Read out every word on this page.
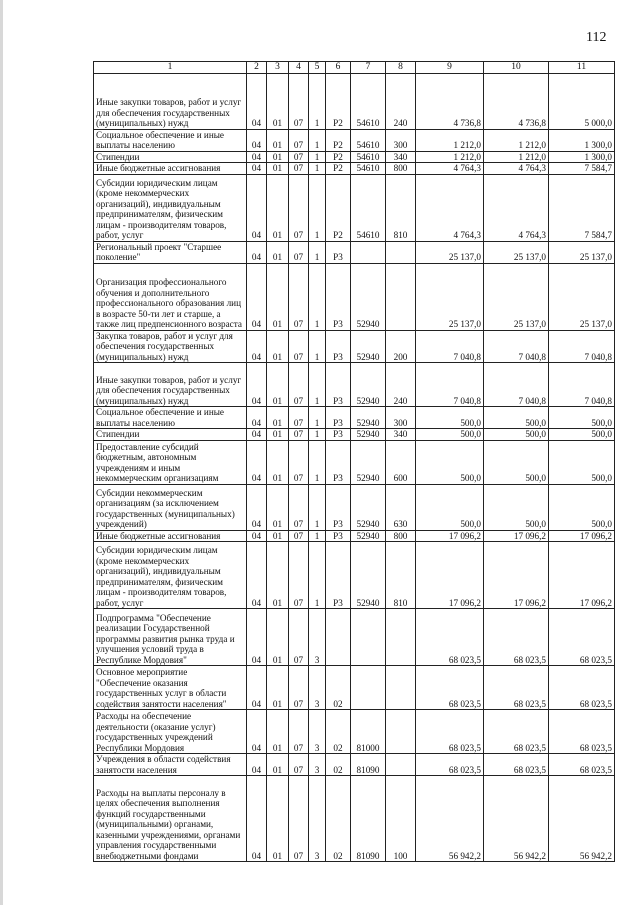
112
1	2	3	4	5	6	7	8	9	10	11
Иные закупки товаров, работ и услуг для обеспечения государственных (муниципальных) нужд	04	01	07	1	P2	54610	240	4 736,8	4 736,8	5 000,0
Социальное обеспечение и иные выплаты населению	04	01	07	1	P2	54610	300	1 212,0	1 212,0	1 300,0
Стипендии	04	01	07	1	P2	54610	340	1 212,0	1 212,0	1 300,0
Иные бюджетные ассигнования	04	01	07	1	P2	54610	800	4 764,3	4 764,3	7 584,7
Субсидии юридическим лицам (кроме некоммерческих организаций), индивидуальным предпринимателям, физическим лицам - производителям товаров, работ, услуг	04	01	07	1	P2	54610	810	4 764,3	4 764,3	7 584,7
Региональный проект "Старшее поколение"	04	01	07	1	P3			25 137,0	25 137,0	25 137,0
Организация профессионального обучения и дополнительного профессионального образования лиц в возрасте 50-ти лет и старше, а также лиц предпенсионного возраста	04	01	07	1	P3	52940		25 137,0	25 137,0	25 137,0
Закупка товаров, работ и услуг для обеспечения государственных (муниципальных) нужд	04	01	07	1	P3	52940	200	7 040,8	7 040,8	7 040,8
Иные закупки товаров, работ и услуг для обеспечения государственных (муниципальных) нужд	04	01	07	1	P3	52940	240	7 040,8	7 040,8	7 040,8
Социальное обеспечение и иные выплаты населению	04	01	07	1	P3	52940	300	500,0	500,0	500,0
Стипендии	04	01	07	1	P3	52940	340	500,0	500,0	500,0
Предоставление субсидий бюджетным, автономным учреждениям и иным некоммерческим организациям	04	01	07	1	P3	52940	600	500,0	500,0	500,0
Субсидии некоммерческим организациям (за исключением государственных (муниципальных) учреждений)	04	01	07	1	P3	52940	630	500,0	500,0	500,0
Иные бюджетные ассигнования	04	01	07	1	P3	52940	800	17 096,2	17 096,2	17 096,2
Субсидии юридическим лицам (кроме некоммерческих организаций), индивидуальным предпринимателям, физическим лицам - производителям товаров, работ, услуг	04	01	07	1	P3	52940	810	17 096,2	17 096,2	17 096,2
Подпрограмма "Обеспечение реализации Государственной программы развития рынка труда и улучшения условий труда в Республике Мордовия"	04	01	07	3				68 023,5	68 023,5	68 023,5
Основное мероприятие "Обеспечение оказания государственных услуг в области содействия занятости населения"	04	01	07	3	02			68 023,5	68 023,5	68 023,5
Расходы на обеспечение деятельности (оказание услуг) государственных учреждений Республики Мордовия	04	01	07	3	02	81000		68 023,5	68 023,5	68 023,5
Учреждения в области содействия занятости населения	04	01	07	3	02	81090		68 023,5	68 023,5	68 023,5
Расходы на выплаты персоналу в целях обеспечения выполнения функций государственными (муниципальными) органами, казенными учреждениями, органами управления государственными внебюджетными фондами	04	01	07	3	02	81090	100	56 942,2	56 942,2	56 942,2
